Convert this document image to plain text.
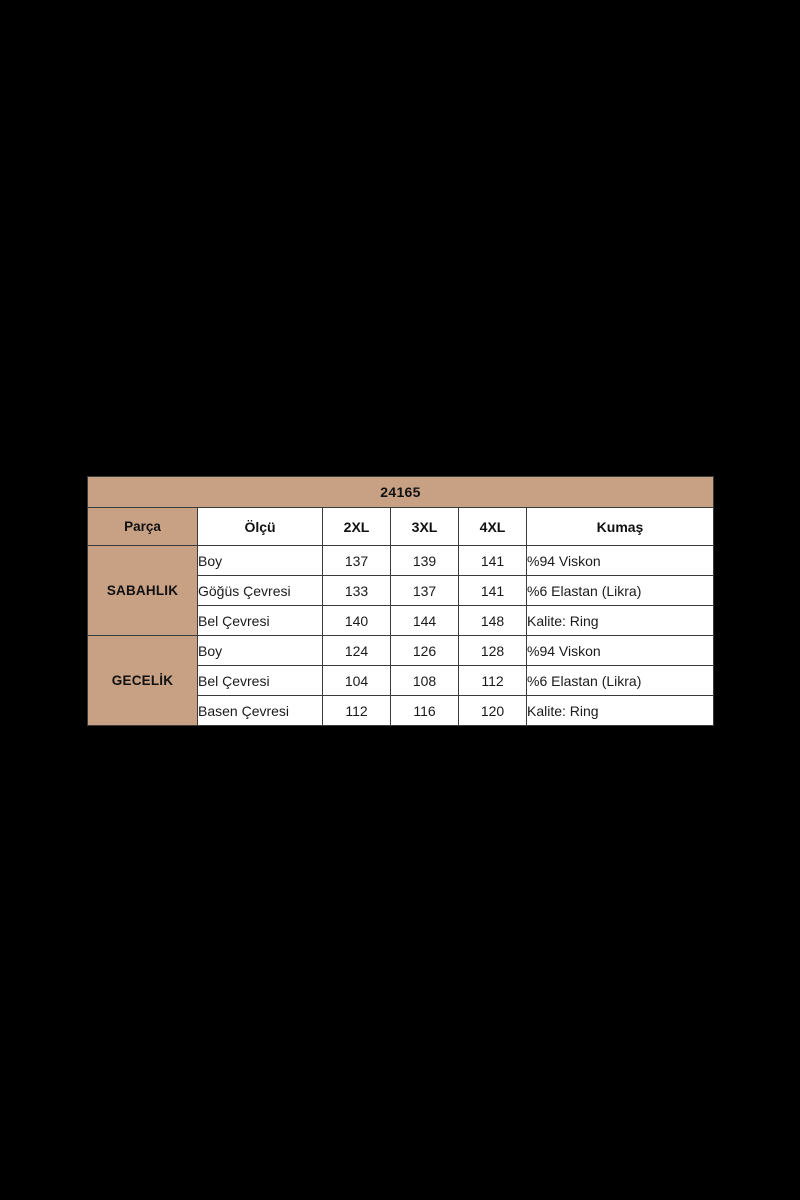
24165					
Parça	Ölçü	2XL	3XL	4XL	Kumaş
SABAHLIK	Boy	137	139	141	%94 Viskon
	Göğüs Çevresi	133	137	141	%6 Elastan (Likra)
	Bel Çevresi	140	144	148	Kalite: Ring
GECELİK	Boy	124	126	128	%94 Viskon
	Bel Çevresi	104	108	112	%6 Elastan (Likra)
	Basen Çevresi	112	116	120	Kalite: Ring
